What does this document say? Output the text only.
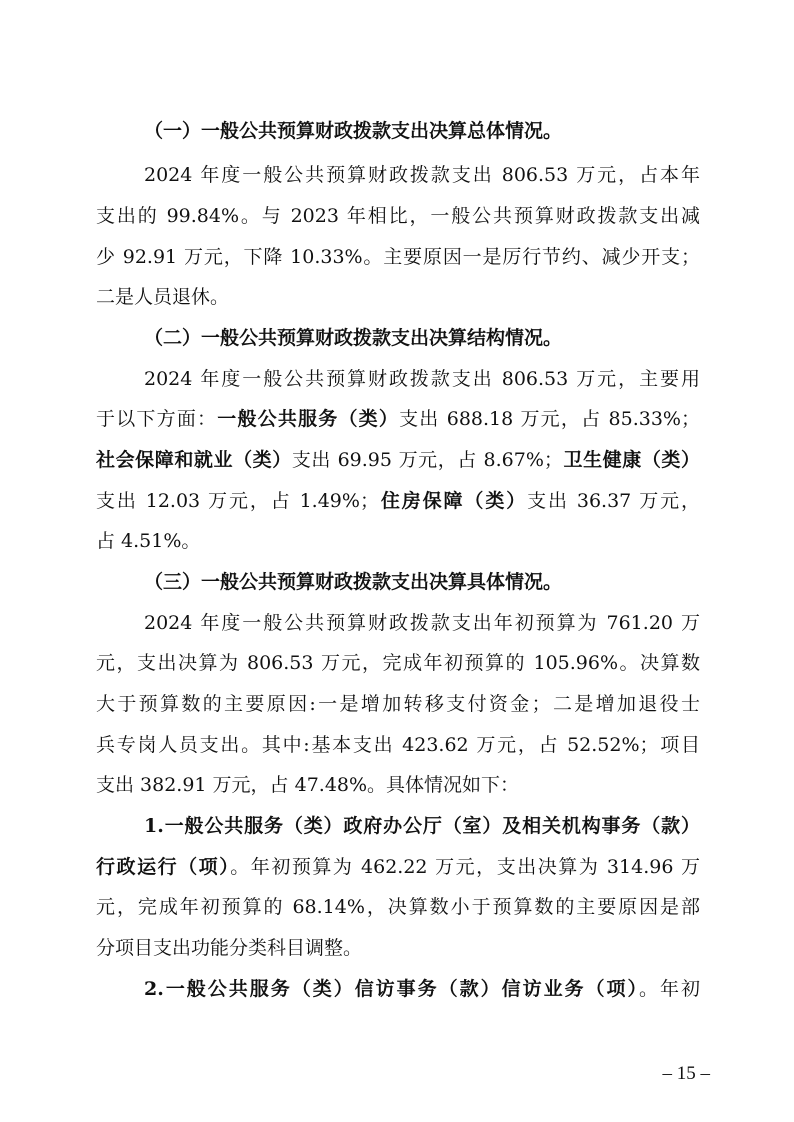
（一）一般公共预算财政拨款支出决算总体情况。
2024 年度一般公共预算财政拨款支出 806.53 万元，占本年
支出的 99.84%。与 2023 年相比，一般公共预算财政拨款支出减
少 92.91 万元，下降 10.33%。主要原因一是厉行节约、减少开支；
二是人员退休。
（二）一般公共预算财政拨款支出决算结构情况。
2024 年度一般公共预算财政拨款支出 806.53 万元，主要用
于以下方面：一般公共服务（类）支出 688.18 万元，占 85.33%；
社会保障和就业（类）支出 69.95 万元，占 8.67%；卫生健康（类）
支出 12.03 万元，占 1.49%；住房保障（类）支出 36.37 万元，
占 4.51%。
（三）一般公共预算财政拨款支出决算具体情况。
2024 年度一般公共预算财政拨款支出年初预算为 761.20 万
元，支出决算为 806.53 万元，完成年初预算的 105.96%。决算数
大于预算数的主要原因:一是增加转移支付资金；二是增加退役士
兵专岗人员支出。其中:基本支出 423.62 万元，占 52.52%；项目
支出 382.91 万元，占 47.48%。具体情况如下：
1.一般公共服务（类）政府办公厅（室）及相关机构事务（款）
行政运行（项）。年初预算为 462.22 万元，支出决算为 314.96 万
元，完成年初预算的 68.14%，决算数小于预算数的主要原因是部
分项目支出功能分类科目调整。
2.一般公共服务（类）信访事务（款）信访业务（项）。年初
– 15 –
